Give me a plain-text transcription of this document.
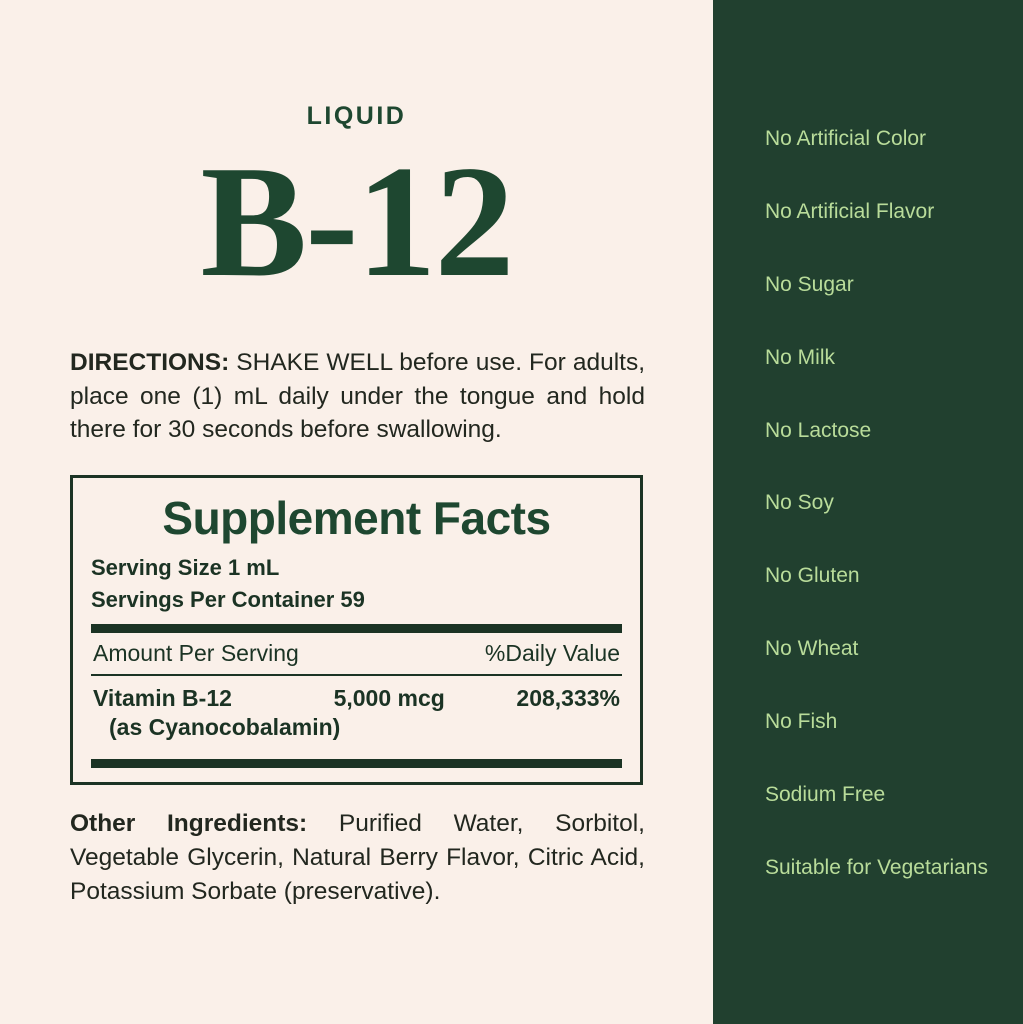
LIQUID
B-12
DIRECTIONS: SHAKE WELL before use. For adults, place one (1) mL daily under the tongue and hold there for 30 seconds before swallowing.
Supplement Facts
Serving Size 1 mL
Servings Per Container 59
Amount Per Serving	%Daily Value
Vitamin B-12	5,000 mcg	208,333%
(as Cyanocobalamin)
Other Ingredients: Purified Water, Sorbitol, Vegetable Glycerin, Natural Berry Flavor, Citric Acid, Potassium Sorbate (preservative).
No Artificial Color
No Artificial Flavor
No Sugar
No Milk
No Lactose
No Soy
No Gluten
No Wheat
No Fish
Sodium Free
Suitable for Vegetarians
